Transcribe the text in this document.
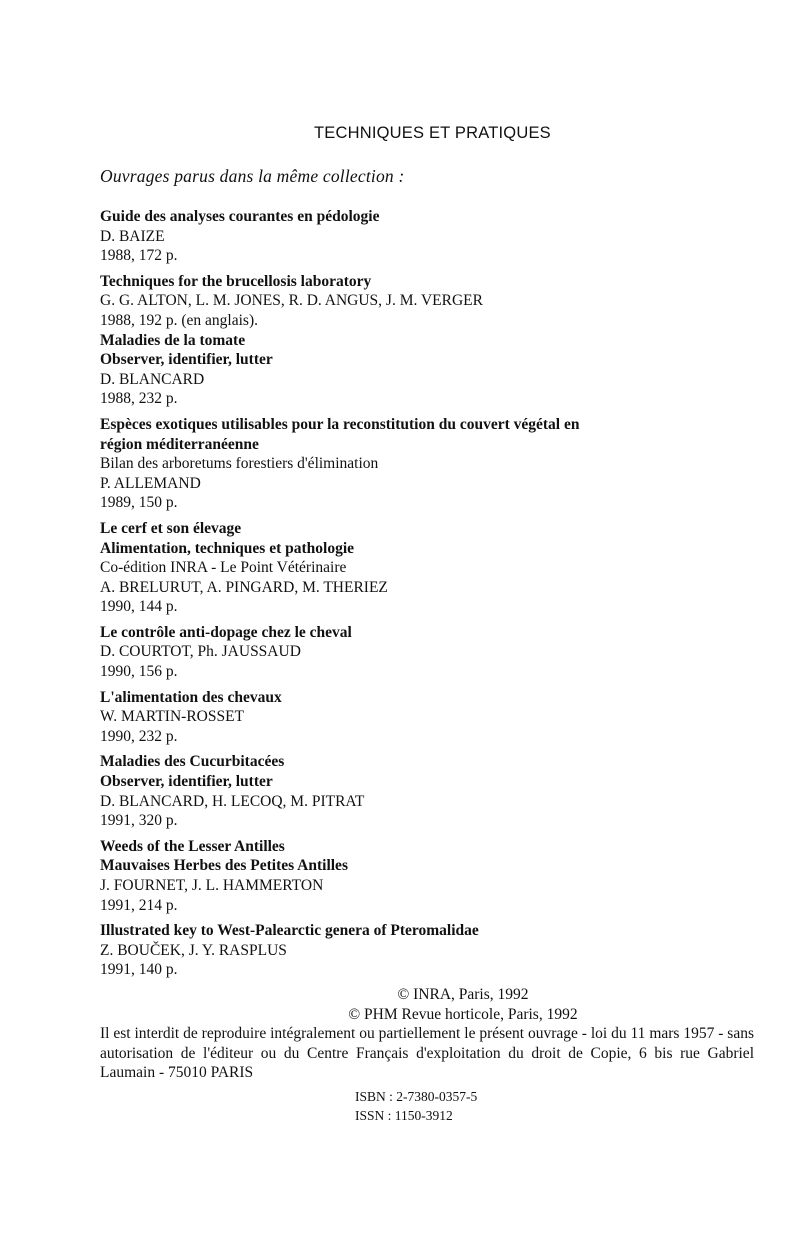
TECHNIQUES ET PRATIQUES
Ouvrages parus dans la même collection :
Guide des analyses courantes en pédologie
D. BAIZE
1988, 172 p.
Techniques for the brucellosis laboratory
G. G. ALTON, L. M. JONES, R. D. ANGUS, J. M. VERGER
1988, 192 p. (en anglais).
Maladies de la tomate
Observer, identifier, lutter
D. BLANCARD
1988, 232 p.
Espèces exotiques utilisables pour la reconstitution du couvert végétal en
région méditerranéenne
Bilan des arboretums forestiers d'élimination
P. ALLEMAND
1989, 150 p.
Le cerf et son élevage
Alimentation, techniques et pathologie
Co-édition INRA - Le Point Vétérinaire
A. BRELURUT, A. PINGARD, M. THERIEZ
1990, 144 p.
Le contrôle anti-dopage chez le cheval
D. COURTOT, Ph. JAUSSAUD
1990, 156 p.
L'alimentation des chevaux
W. MARTIN-ROSSET
1990, 232 p.
Maladies des Cucurbitacées
Observer, identifier, lutter
D. BLANCARD, H. LECOQ, M. PITRAT
1991, 320 p.
Weeds of the Lesser Antilles
Mauvaises Herbes des Petites Antilles
J. FOURNET, J. L. HAMMERTON
1991, 214 p.
Illustrated key to West-Palearctic genera of Pteromalidae
Z. BOUČEK, J. Y. RASPLUS
1991, 140 p.
© INRA, Paris, 1992
© PHM Revue horticole, Paris, 1992
Il est interdit de reproduire intégralement ou partiellement le présent ouvrage - loi du 11 mars 1957 - sans autorisation de l'éditeur ou du Centre Français d'exploitation du droit de Copie, 6 bis rue Gabriel Laumain - 75010 PARIS
ISBN : 2-7380-0357-5
ISSN : 1150-3912
